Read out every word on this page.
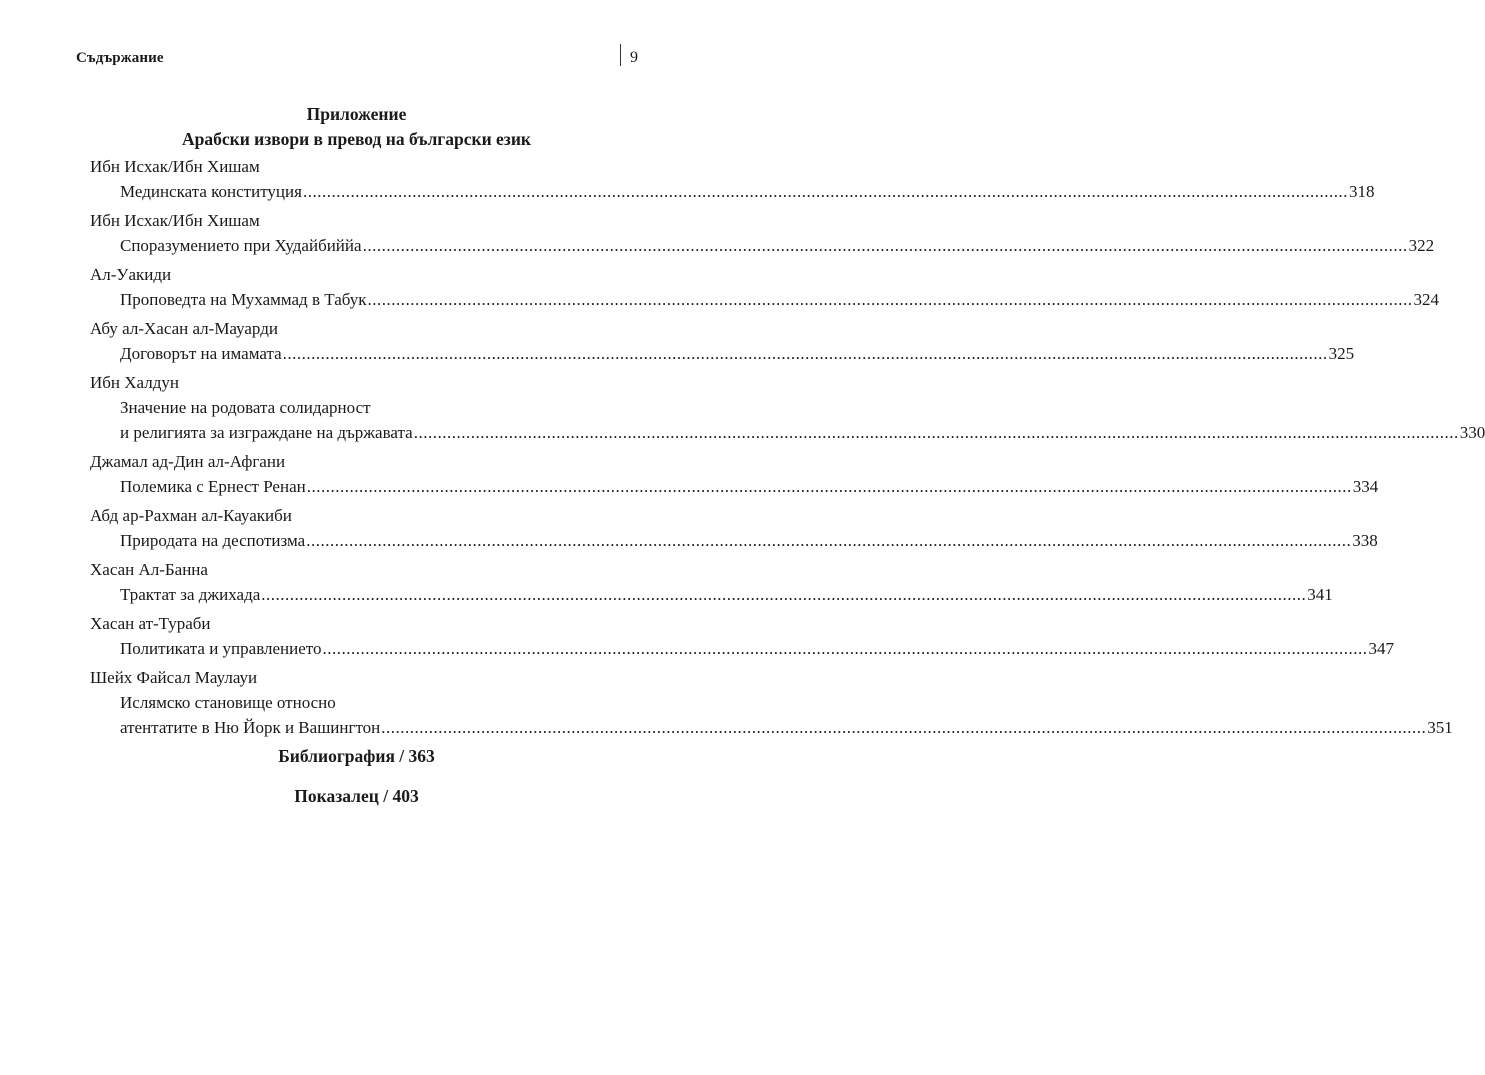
Съдържание	9
Приложение
Арабски извори в превод на български език
Ибн Исхак/Ибн Хишам
Мединската конституция ............................................................................................................................................................................................................................ 318
Ибн Исхак/Ибн Хишам
Споразумението при Худайбиййа ............................................................................................................................................................................................................................ 322
Ал-Уакиди
Проповедта на Мухаммад в Табук ............................................................................................................................................................................................................................ 324
Абу ал-Хасан ал-Мауарди
Договорът на имамата ............................................................................................................................................................................................................................ 325
Ибн Халдун
Значение на родовата солидарност
и религията за изграждане на държавата ............................................................................................................................................................................................................................ 330
Джамал ад-Дин ал-Афгани
Полемика с Ернест Ренан ............................................................................................................................................................................................................................ 334
Абд ар-Рахман ал-Кауакиби
Природата на деспотизма ............................................................................................................................................................................................................................ 338
Хасан Ал-Банна
Трактат за джихада ............................................................................................................................................................................................................................ 341
Хасан ат-Тураби
Политиката и управлението ............................................................................................................................................................................................................................ 347
Шейх Файсал Маулауи
Ислямско становище относно
атентатите в Ню Йорк и Вашингтон ............................................................................................................................................................................................................................ 351
Библиография / 363
Показалец / 403
